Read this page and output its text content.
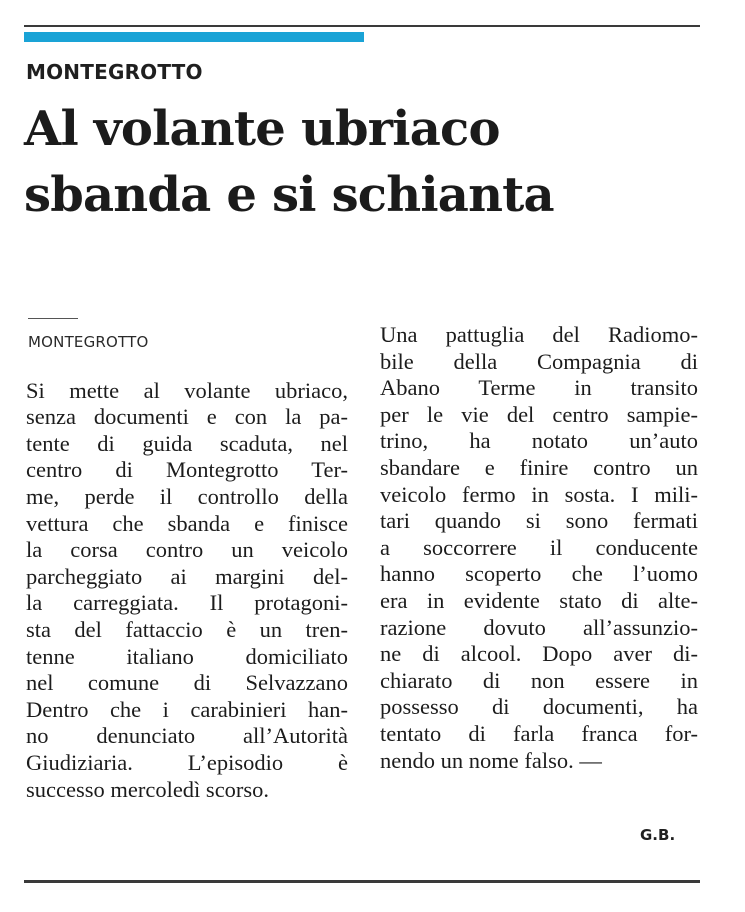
MONTEGROTTO
Al volante ubriaco
sbanda e si schianta
MONTEGROTTO
Si mette al volante ubriaco,
senza documenti e con la pa-
tente di guida scaduta, nel
centro di Montegrotto Ter-
me, perde il controllo della
vettura che sbanda e finisce
la corsa contro un veicolo
parcheggiato ai margini del-
la carreggiata. Il protagoni-
sta del fattaccio è un tren-
tenne italiano domiciliato
nel comune di Selvazzano
Dentro che i carabinieri han-
no denunciato all’Autorità
Giudiziaria. L’episodio è
successo mercoledì scorso.
Una pattuglia del Radiomo-
bile della Compagnia di
Abano Terme in transito
per le vie del centro sampie-
trino, ha notato un’auto
sbandare e finire contro un
veicolo fermo in sosta. I mili-
tari quando si sono fermati
a soccorrere il conducente
hanno scoperto che l’uomo
era in evidente stato di alte-
razione dovuto all’assunzio-
ne di alcool. Dopo aver di-
chiarato di non essere in
possesso di documenti, ha
tentato di farla franca for-
nendo un nome falso. —
G.B.
